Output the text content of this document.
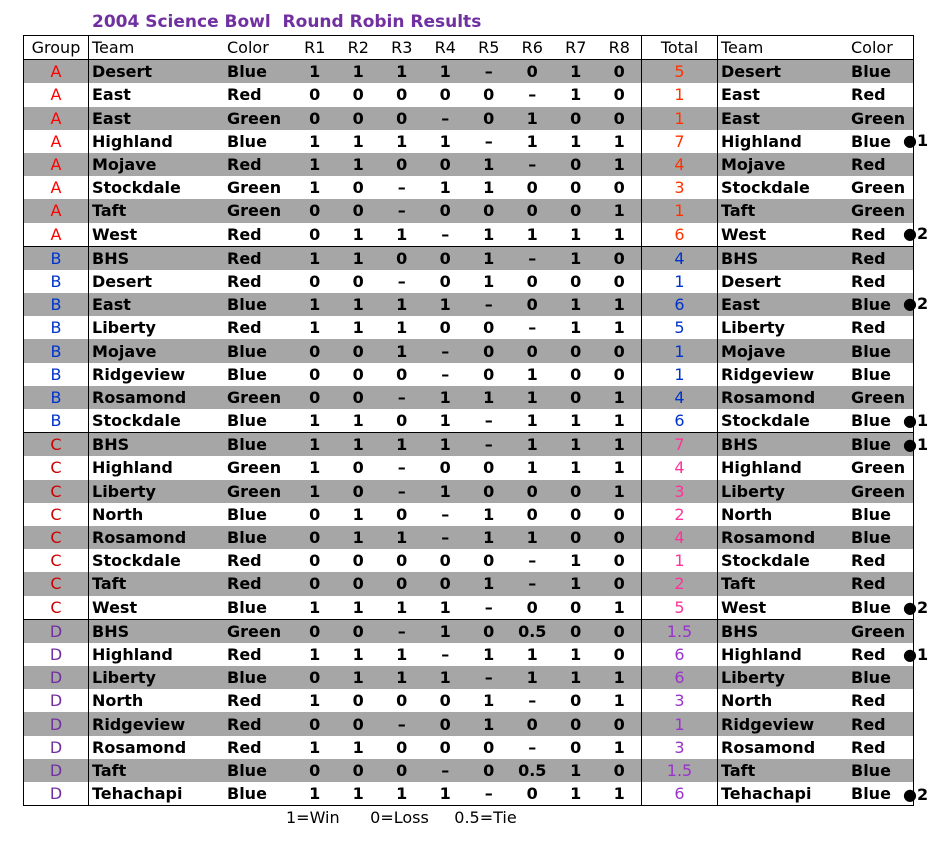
2004 Science Bowl  Round Robin Results
Group	Team	Color	R1	R2	R3	R4	R5	R6	R7	R8	Total	Team	Color
A	Desert	Blue	1	1	1	1	–	0	1	0	5	Desert	Blue
A	East	Red	0	0	0	0	0	–	1	0	1	East	Red
A	East	Green	0	0	0	–	0	1	0	0	1	East	Green
A	Highland	Blue	1	1	1	1	–	1	1	1	7	Highland	Blue
A	Mojave	Red	1	1	0	0	1	–	0	1	4	Mojave	Red
A	Stockdale	Green	1	0	–	1	1	0	0	0	3	Stockdale	Green
A	Taft	Green	0	0	–	0	0	0	0	1	1	Taft	Green
A	West	Red	0	1	1	–	1	1	1	1	6	West	Red
B	BHS	Red	1	1	0	0	1	–	1	0	4	BHS	Red
B	Desert	Red	0	0	–	0	1	0	0	0	1	Desert	Red
B	East	Blue	1	1	1	1	–	0	1	1	6	East	Blue
B	Liberty	Red	1	1	1	0	0	–	1	1	5	Liberty	Red
B	Mojave	Blue	0	0	1	–	0	0	0	0	1	Mojave	Blue
B	Ridgeview	Blue	0	0	0	–	0	1	0	0	1	Ridgeview	Blue
B	Rosamond	Green	0	0	–	1	1	1	0	1	4	Rosamond	Green
B	Stockdale	Blue	1	1	0	1	–	1	1	1	6	Stockdale	Blue
C	BHS	Blue	1	1	1	1	–	1	1	1	7	BHS	Blue
C	Highland	Green	1	0	–	0	0	1	1	1	4	Highland	Green
C	Liberty	Green	1	0	–	1	0	0	0	1	3	Liberty	Green
C	North	Blue	0	1	0	–	1	0	0	0	2	North	Blue
C	Rosamond	Blue	0	1	1	–	1	1	0	0	4	Rosamond	Blue
C	Stockdale	Red	0	0	0	0	0	–	1	0	1	Stockdale	Red
C	Taft	Red	0	0	0	0	1	–	1	0	2	Taft	Red
C	West	Blue	1	1	1	1	–	0	0	1	5	West	Blue
D	BHS	Green	0	0	–	1	0	0.5	0	0	1.5	BHS	Green
D	Highland	Red	1	1	1	–	1	1	1	0	6	Highland	Red
D	Liberty	Blue	0	1	1	1	–	1	1	1	6	Liberty	Blue
D	North	Red	1	0	0	0	1	–	0	1	3	North	Red
D	Ridgeview	Red	0	0	–	0	1	0	0	0	1	Ridgeview	Red
D	Rosamond	Red	1	1	0	0	0	–	0	1	3	Rosamond	Red
D	Taft	Blue	0	0	0	–	0	0.5	1	0	1.5	Taft	Blue
D	Tehachapi	Blue	1	1	1	1	–	0	1	1	6	Tehachapi	Blue

●1

●2

●2

●1
●1

●2

●1

●2
1=Win      0=Loss     0.5=Tie
